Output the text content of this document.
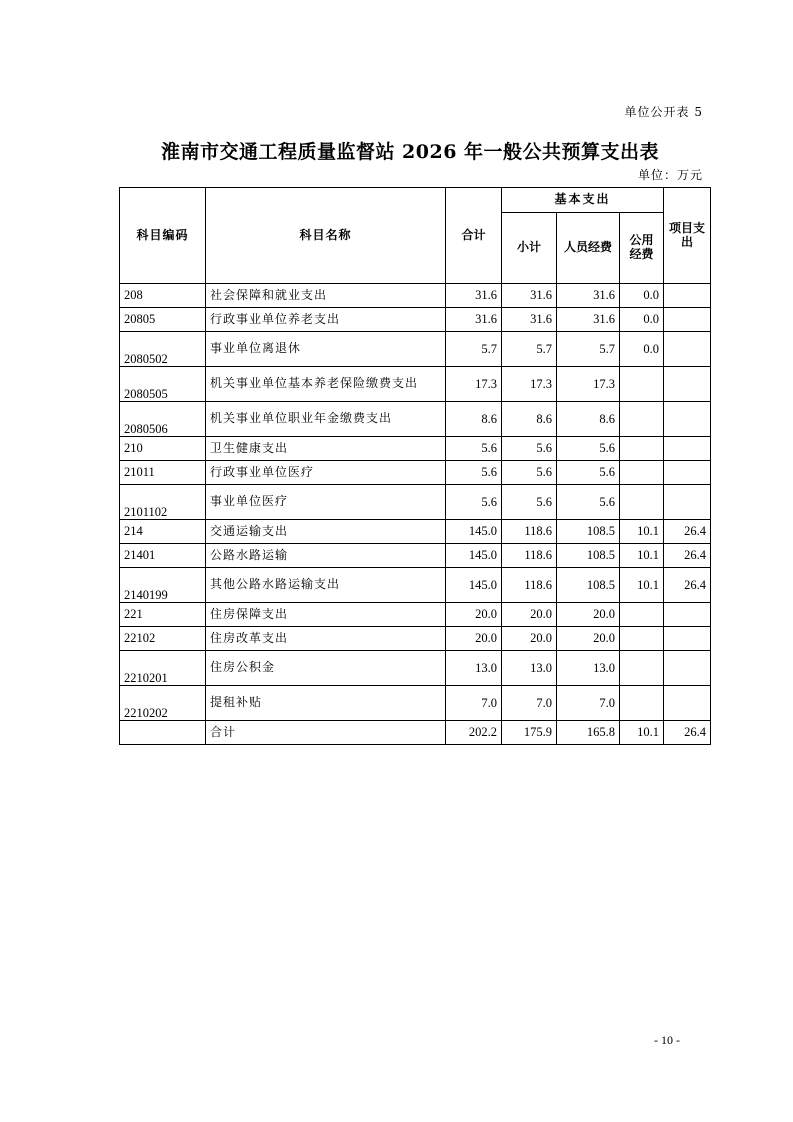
单位公开表 5
淮南市交通工程质量监督站 2026 年一般公共预算支出表
单位：万元
科目编码	科目名称	合计	基本支出			项目支出
			小计	人员经费	公用经费	
208	社会保障和就业支出	31.6	31.6	31.6	0.0	
20805	行政事业单位养老支出	31.6	31.6	31.6	0.0	
2080502	事业单位离退休	5.7	5.7	5.7	0.0	
2080505	机关事业单位基本养老保险缴费支出	17.3	17.3	17.3		
2080506	机关事业单位职业年金缴费支出	8.6	8.6	8.6		
210	卫生健康支出	5.6	5.6	5.6		
21011	行政事业单位医疗	5.6	5.6	5.6		
2101102	事业单位医疗	5.6	5.6	5.6		
214	交通运输支出	145.0	118.6	108.5	10.1	26.4
21401	公路水路运输	145.0	118.6	108.5	10.1	26.4
2140199	其他公路水路运输支出	145.0	118.6	108.5	10.1	26.4
221	住房保障支出	20.0	20.0	20.0		
22102	住房改革支出	20.0	20.0	20.0		
2210201	住房公积金	13.0	13.0	13.0		
2210202	提租补贴	7.0	7.0	7.0		
	合计	202.2	175.9	165.8	10.1	26.4
- 10 -
